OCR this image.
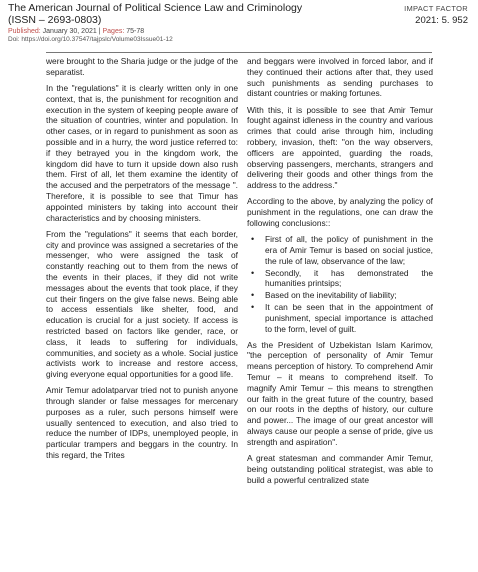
The American Journal of Political Science Law and Criminology
(ISSN – 2693-0803)
Published: January 30, 2021 | Pages: 75-78
Doi: https://doi.org/10.37547/tajpslc/Volume03Issue01-12
IMPACT FACTOR
2021: 5. 952

were brought to the Sharia judge or the judge of the separatist.

In the "regulations" it is clearly written only in one context, that is, the punishment for recognition and execution in the system of keeping people aware of the situation of countries, winter and population. In other cases, or in regard to punishment as soon as possible and in a hurry, the word justice referred to: if they betrayed you in the kingdom work, the kingdom did have to turn it upside down also rush them. First of all, let them examine the identity of the accused and the perpetrators of the message ". Therefore, it is possible to see that Timur has appointed ministers by taking into account their characteristics and by choosing ministers.

From the "regulations" it seems that each border, city and province was assigned a secretaries of the messenger, who were assigned the task of constantly reaching out to them from the news of the events in their places, if they did not write messages about the events that took place, if they cut their fingers on the give false news. Being able to access essentials like shelter, food, and education is crucial for a just society. If access is restricted based on factors like gender, race, or class, it leads to suffering for individuals, communities, and society as a whole. Social justice activists work to increase and restore access, giving everyone equal opportunities for a good life.

Amir Temur adolatparvar tried not to punish anyone through slander or false messages for mercenary purposes as a ruler, such persons himself were usually sentenced to execution, and also tried to reduce the number of IDPs, unemployed people, in particular trampers and beggars in the country. In this regard, the Trites

and beggars were involved in forced labor, and if they continued their actions after that, they used such punishments as sending purchases to distant countries or making fortunes.

With this, it is possible to see that Amir Temur fought against idleness in the country and various crimes that could arise through him, including robbery, invasion, theft: "on the way observers, officers are appointed, guarding the roads, observing passengers, merchants, strangers and delivering their goods and other things from the address to the address."

According to the above, by analyzing the policy of punishment in the regulations, one can draw the following conclusions::

• First of all, the policy of punishment in the era of Amir Temur is based on social justice, the rule of law, observance of the law;
• Secondly, it has demonstrated the humanities printsips;
• Based on the inevitability of liability;
• It can be seen that in the appointment of punishment, special importance is attached to the form, level of guilt.

As the President of Uzbekistan Islam Karimov, "the perception of personality of Amir Temur means perception of history. To comprehend Amir Temur – it means to comprehend itself. To magnify Amir Temur – this means to strengthen our faith in the great future of the country, based on our roots in the depths of history, our culture and power... The image of our great ancestor will always cause our people a sense of pride, give us strength and aspiration".

A great statesman and commander Amir Temur, being outstanding political strategist, was able to build a powerful centralized state
